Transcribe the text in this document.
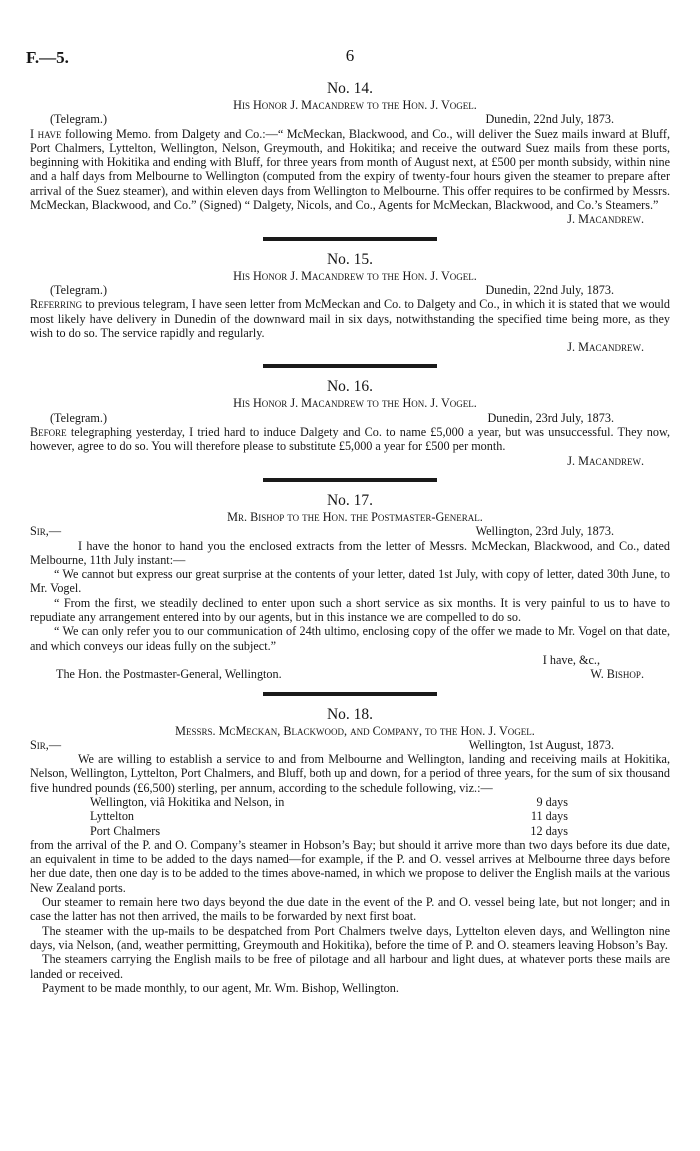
F.—5.	6
No. 14.
His Honor J. Macandrew to the Hon. J. Vogel.
(Telegram.)	Dunedin, 22nd July, 1873.
I have following Memo. from Dalgety and Co.:—“ McMeckan, Blackwood, and Co., will deliver the Suez mails inward at Bluff, Port Chalmers, Lyttelton, Wellington, Nelson, Greymouth, and Hokitika; and receive the outward Suez mails from these ports, beginning with Hokitika and ending with Bluff, for three years from month of August next, at £500 per month subsidy, within nine and a half days from Melbourne to Wellington (computed from the expiry of twenty-four hours given the steamer to prepare after arrival of the Suez steamer), and within eleven days from Wellington to Melbourne. This offer requires to be confirmed by Messrs. McMeckan, Blackwood, and Co.” (Signed) “ Dalgety, Nicols, and Co., Agents for McMeckan, Blackwood, and Co.’s Steamers.”
J. Macandrew.
No. 15.
His Honor J. Macandrew to the Hon. J. Vogel.
(Telegram.)	Dunedin, 22nd July, 1873.
Referring to previous telegram, I have seen letter from McMeckan and Co. to Dalgety and Co., in which it is stated that we would most likely have delivery in Dunedin of the downward mail in six days, notwithstanding the specified time being more, as they wish to do so. The service rapidly and regularly.
J. Macandrew.
No. 16.
His Honor J. Macandrew to the Hon. J. Vogel.
(Telegram.)	Dunedin, 23rd July, 1873.
Before telegraphing yesterday, I tried hard to induce Dalgety and Co. to name £5,000 a year, but was unsuccessful. They now, however, agree to do so. You will therefore please to substitute £5,000 a year for £500 per month.
J. Macandrew.
No. 17.
Mr. Bishop to the Hon. the Postmaster-General.
Sir,—	Wellington, 23rd July, 1873.
I have the honor to hand you the enclosed extracts from the letter of Messrs. McMeckan, Blackwood, and Co., dated Melbourne, 11th July instant:—
“ We cannot but express our great surprise at the contents of your letter, dated 1st July, with copy of letter, dated 30th June, to Mr. Vogel.
“ From the first, we steadily declined to enter upon such a short service as six months. It is very painful to us to have to repudiate any arrangement entered into by our agents, but in this instance we are compelled to do so.
“ We can only refer you to our communication of 24th ultimo, enclosing copy of the offer we made to Mr. Vogel on that date, and which conveys our ideas fully on the subject.”
I have, &c.,
The Hon. the Postmaster-General, Wellington.	W. Bishop.
No. 18.
Messrs. McMeckan, Blackwood, and Company, to the Hon. J. Vogel.
Sir,—	Wellington, 1st August, 1873.
We are willing to establish a service to and from Melbourne and Wellington, landing and receiving mails at Hokitika, Nelson, Wellington, Lyttelton, Port Chalmers, and Bluff, both up and down, for a period of three years, for the sum of six thousand five hundred pounds (£6,500) sterling, per annum, according to the schedule following, viz.:—
Wellington, viâ Hokitika and Nelson, in	9 days
Lyttelton	11 days
Port Chalmers	12 days
from the arrival of the P. and O. Company’s steamer in Hobson’s Bay; but should it arrive more than two days before its due date, an equivalent in time to be added to the days named—for example, if the P. and O. vessel arrives at Melbourne three days before her due date, then one day is to be added to the times above-named, in which we propose to deliver the English mails at the various New Zealand ports.
Our steamer to remain here two days beyond the due date in the event of the P. and O. vessel being late, but not longer; and in case the latter has not then arrived, the mails to be forwarded by next first boat.
The steamer with the up-mails to be despatched from Port Chalmers twelve days, Lyttelton eleven days, and Wellington nine days, via Nelson, (and, weather permitting, Greymouth and Hokitika), before the time of P. and O. steamers leaving Hobson’s Bay.
The steamers carrying the English mails to be free of pilotage and all harbour and light dues, at whatever ports these mails are landed or received.
Payment to be made monthly, to our agent, Mr. Wm. Bishop, Wellington.
